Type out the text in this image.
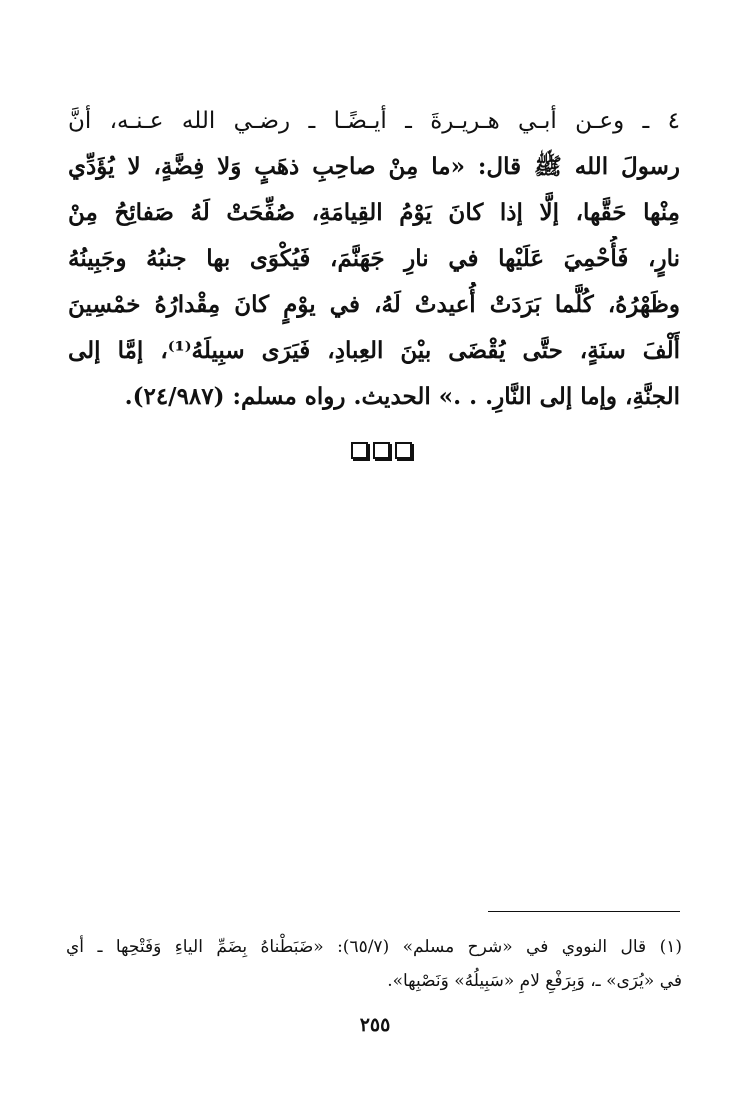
٤ ـ وعـن أبـي هـريـرةَ ـ أيـضًـا ـ رضـي الله عـنـه، أنَّ
رسولَ الله ﷺ قال: «ما مِنْ صاحِبِ ذهَبٍ وَلا فِضَّةٍ، لا يُؤَدِّي
مِنْها حَقَّها، إلَّا إذا كانَ يَوْمُ القِيامَةِ، صُفِّحَتْ لَهُ صَفائِحُ مِنْ
نارٍ، فَأُحْمِيَ عَلَيْها في نارِ جَهَنَّمَ، فَيُكْوَى بها جنبُهُ وجَبِينُهُ
وظَهْرُهُ، كُلَّما بَرَدَتْ أُعيدتْ لَهُ، في يوْمٍ كانَ مِقْدارُهُ خمْسِينَ
أَلْفَ سنَةٍ، حتَّى يُقْضَى بيْنَ العِبادِ، فَيَرَى سبِيلَهُ⁽¹⁾، إمَّا إلى
الجنَّةِ، وإما إلى النَّارِ. . .» الحديث. رواه مسلم: (٢٤/٩٨٧).
(١) قال النووي في «شرح مسلم» (٦٥/٧): «ضَبَطْناهُ بِضَمِّ الياءِ وَفَتْحِها ـ أي
في «يُرَى» ـ، وَبِرَفْعِ لامِ «سَبِيلُهُ» وَنَصْبِها».
٢٥٥
